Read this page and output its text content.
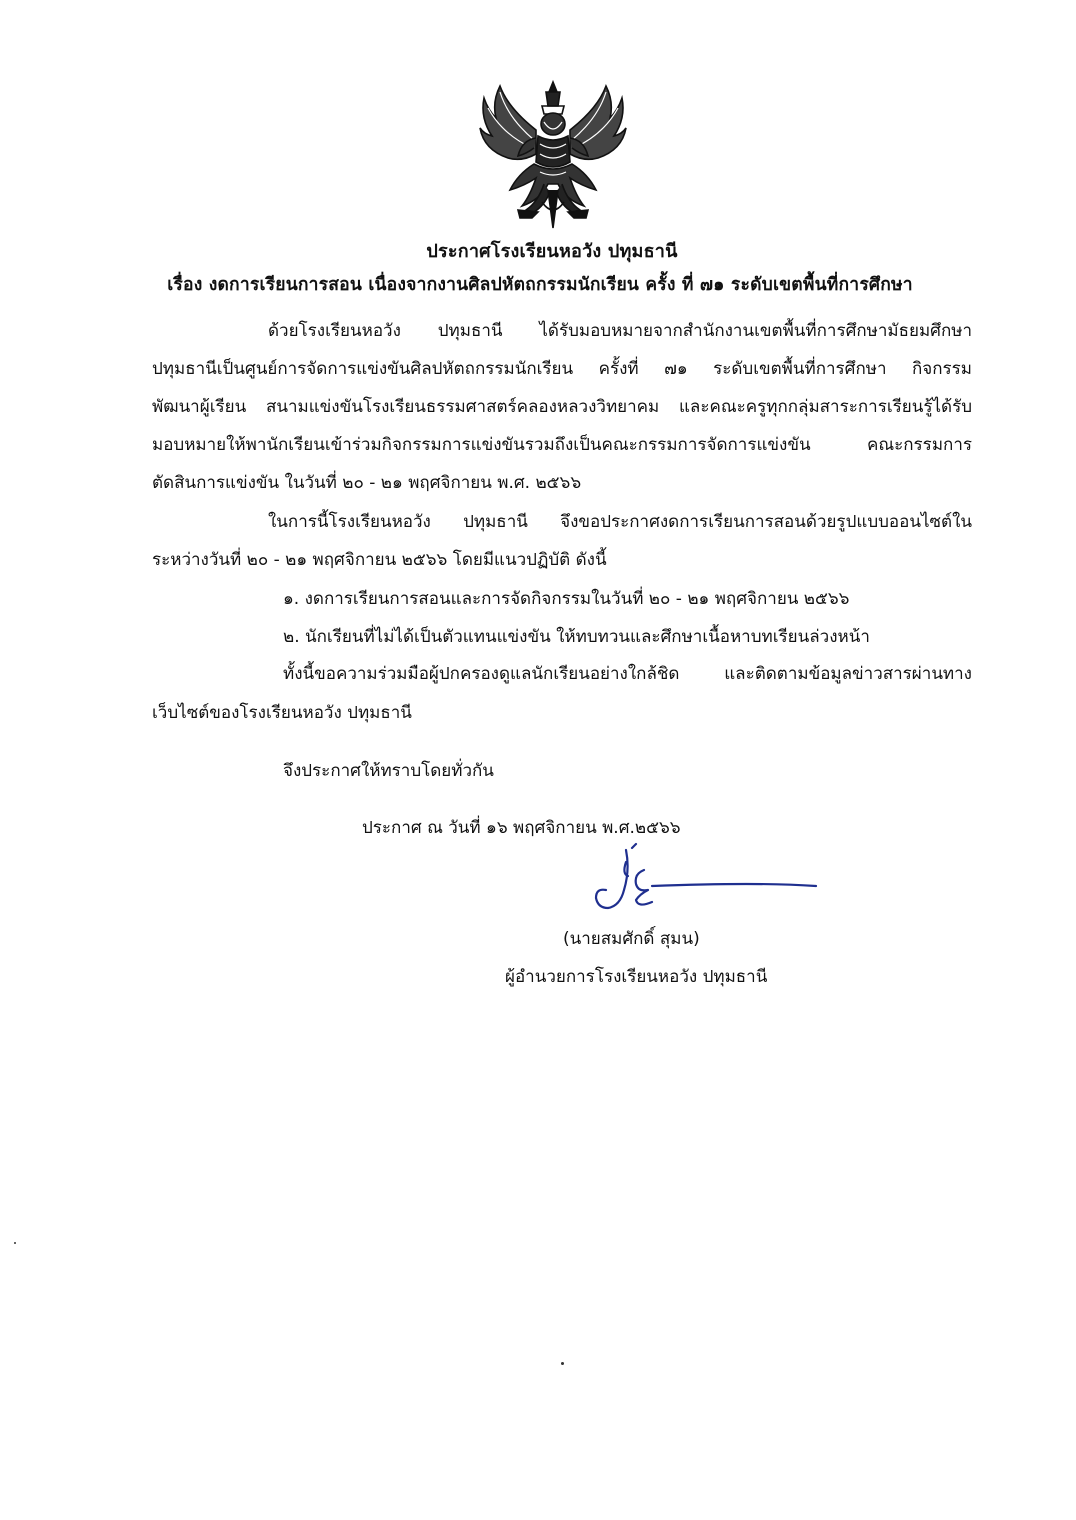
ประกาศโรงเรียนหอวัง ปทุมธานี
เรื่อง งดการเรียนการสอน เนื่องจากงานศิลปหัตถกรรมนักเรียน ครั้ง ที่ ๗๑ ระดับเขตพื้นที่การศึกษา
ด้วยโรงเรียนหอวัง ปทุมธานี ได้รับมอบหมายจากสำนักงานเขตพื้นที่การศึกษามัธยมศึกษา
ปทุมธานีเป็นศูนย์การจัดการแข่งขันศิลปหัตถกรรมนักเรียน ครั้งที่ ๗๑ ระดับเขตพื้นที่การศึกษา กิจกรรม
พัฒนาผู้เรียน สนามแข่งขันโรงเรียนธรรมศาสตร์คลองหลวงวิทยาคม และคณะครูทุกกลุ่มสาระการเรียนรู้ได้รับ
มอบหมายให้พานักเรียนเข้าร่วมกิจกรรมการแข่งขันรวมถึงเป็นคณะกรรมการจัดการแข่งขัน คณะกรรมการ
ตัดสินการแข่งขัน ในวันที่ ๒๐ - ๒๑ พฤศจิกายน พ.ศ. ๒๕๖๖
ในการนี้โรงเรียนหอวัง ปทุมธานี จึงขอประกาศงดการเรียนการสอนด้วยรูปแบบออนไซต์ใน
ระหว่างวันที่ ๒๐ - ๒๑ พฤศจิกายน ๒๕๖๖ โดยมีแนวปฏิบัติ ดังนี้
๑. งดการเรียนการสอนและการจัดกิจกรรมในวันที่ ๒๐ - ๒๑ พฤศจิกายน ๒๕๖๖
๒. นักเรียนที่ไม่ได้เป็นตัวแทนแข่งขัน ให้ทบทวนและศึกษาเนื้อหาบทเรียนล่วงหน้า
ทั้งนี้ขอความร่วมมือผู้ปกครองดูแลนักเรียนอย่างใกล้ชิด และติดตามข้อมูลข่าวสารผ่านทาง
เว็บไซต์ของโรงเรียนหอวัง ปทุมธานี
จึงประกาศให้ทราบโดยทั่วกัน
ประกาศ ณ วันที่ ๑๖ พฤศจิกายน พ.ศ.๒๕๖๖
(นายสมศักดิ์ สุมน)
ผู้อำนวยการโรงเรียนหอวัง ปทุมธานี
